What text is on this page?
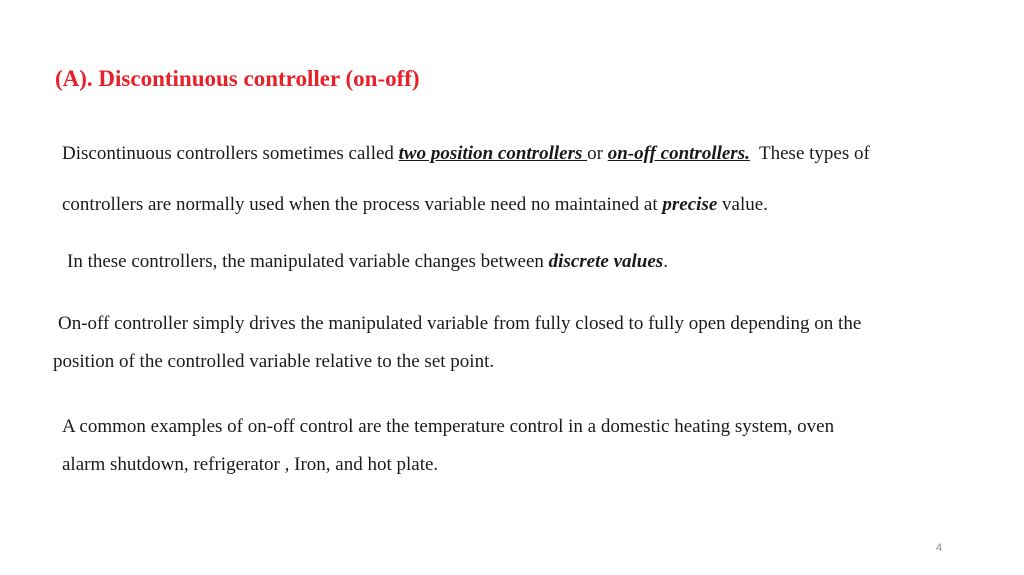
(A). Discontinuous controller (on-off)
Discontinuous controllers sometimes called two position controllers or on-off controllers.  These types of
controllers are normally used when the process variable need no maintained at precise value.
In these controllers, the manipulated variable changes between discrete values.
On-off controller simply drives the manipulated variable from fully closed to fully open depending on the
position of the controlled variable relative to the set point.
A common examples of on-off control are the temperature control in a domestic heating system, oven
alarm shutdown, refrigerator , Iron, and hot plate.
4
